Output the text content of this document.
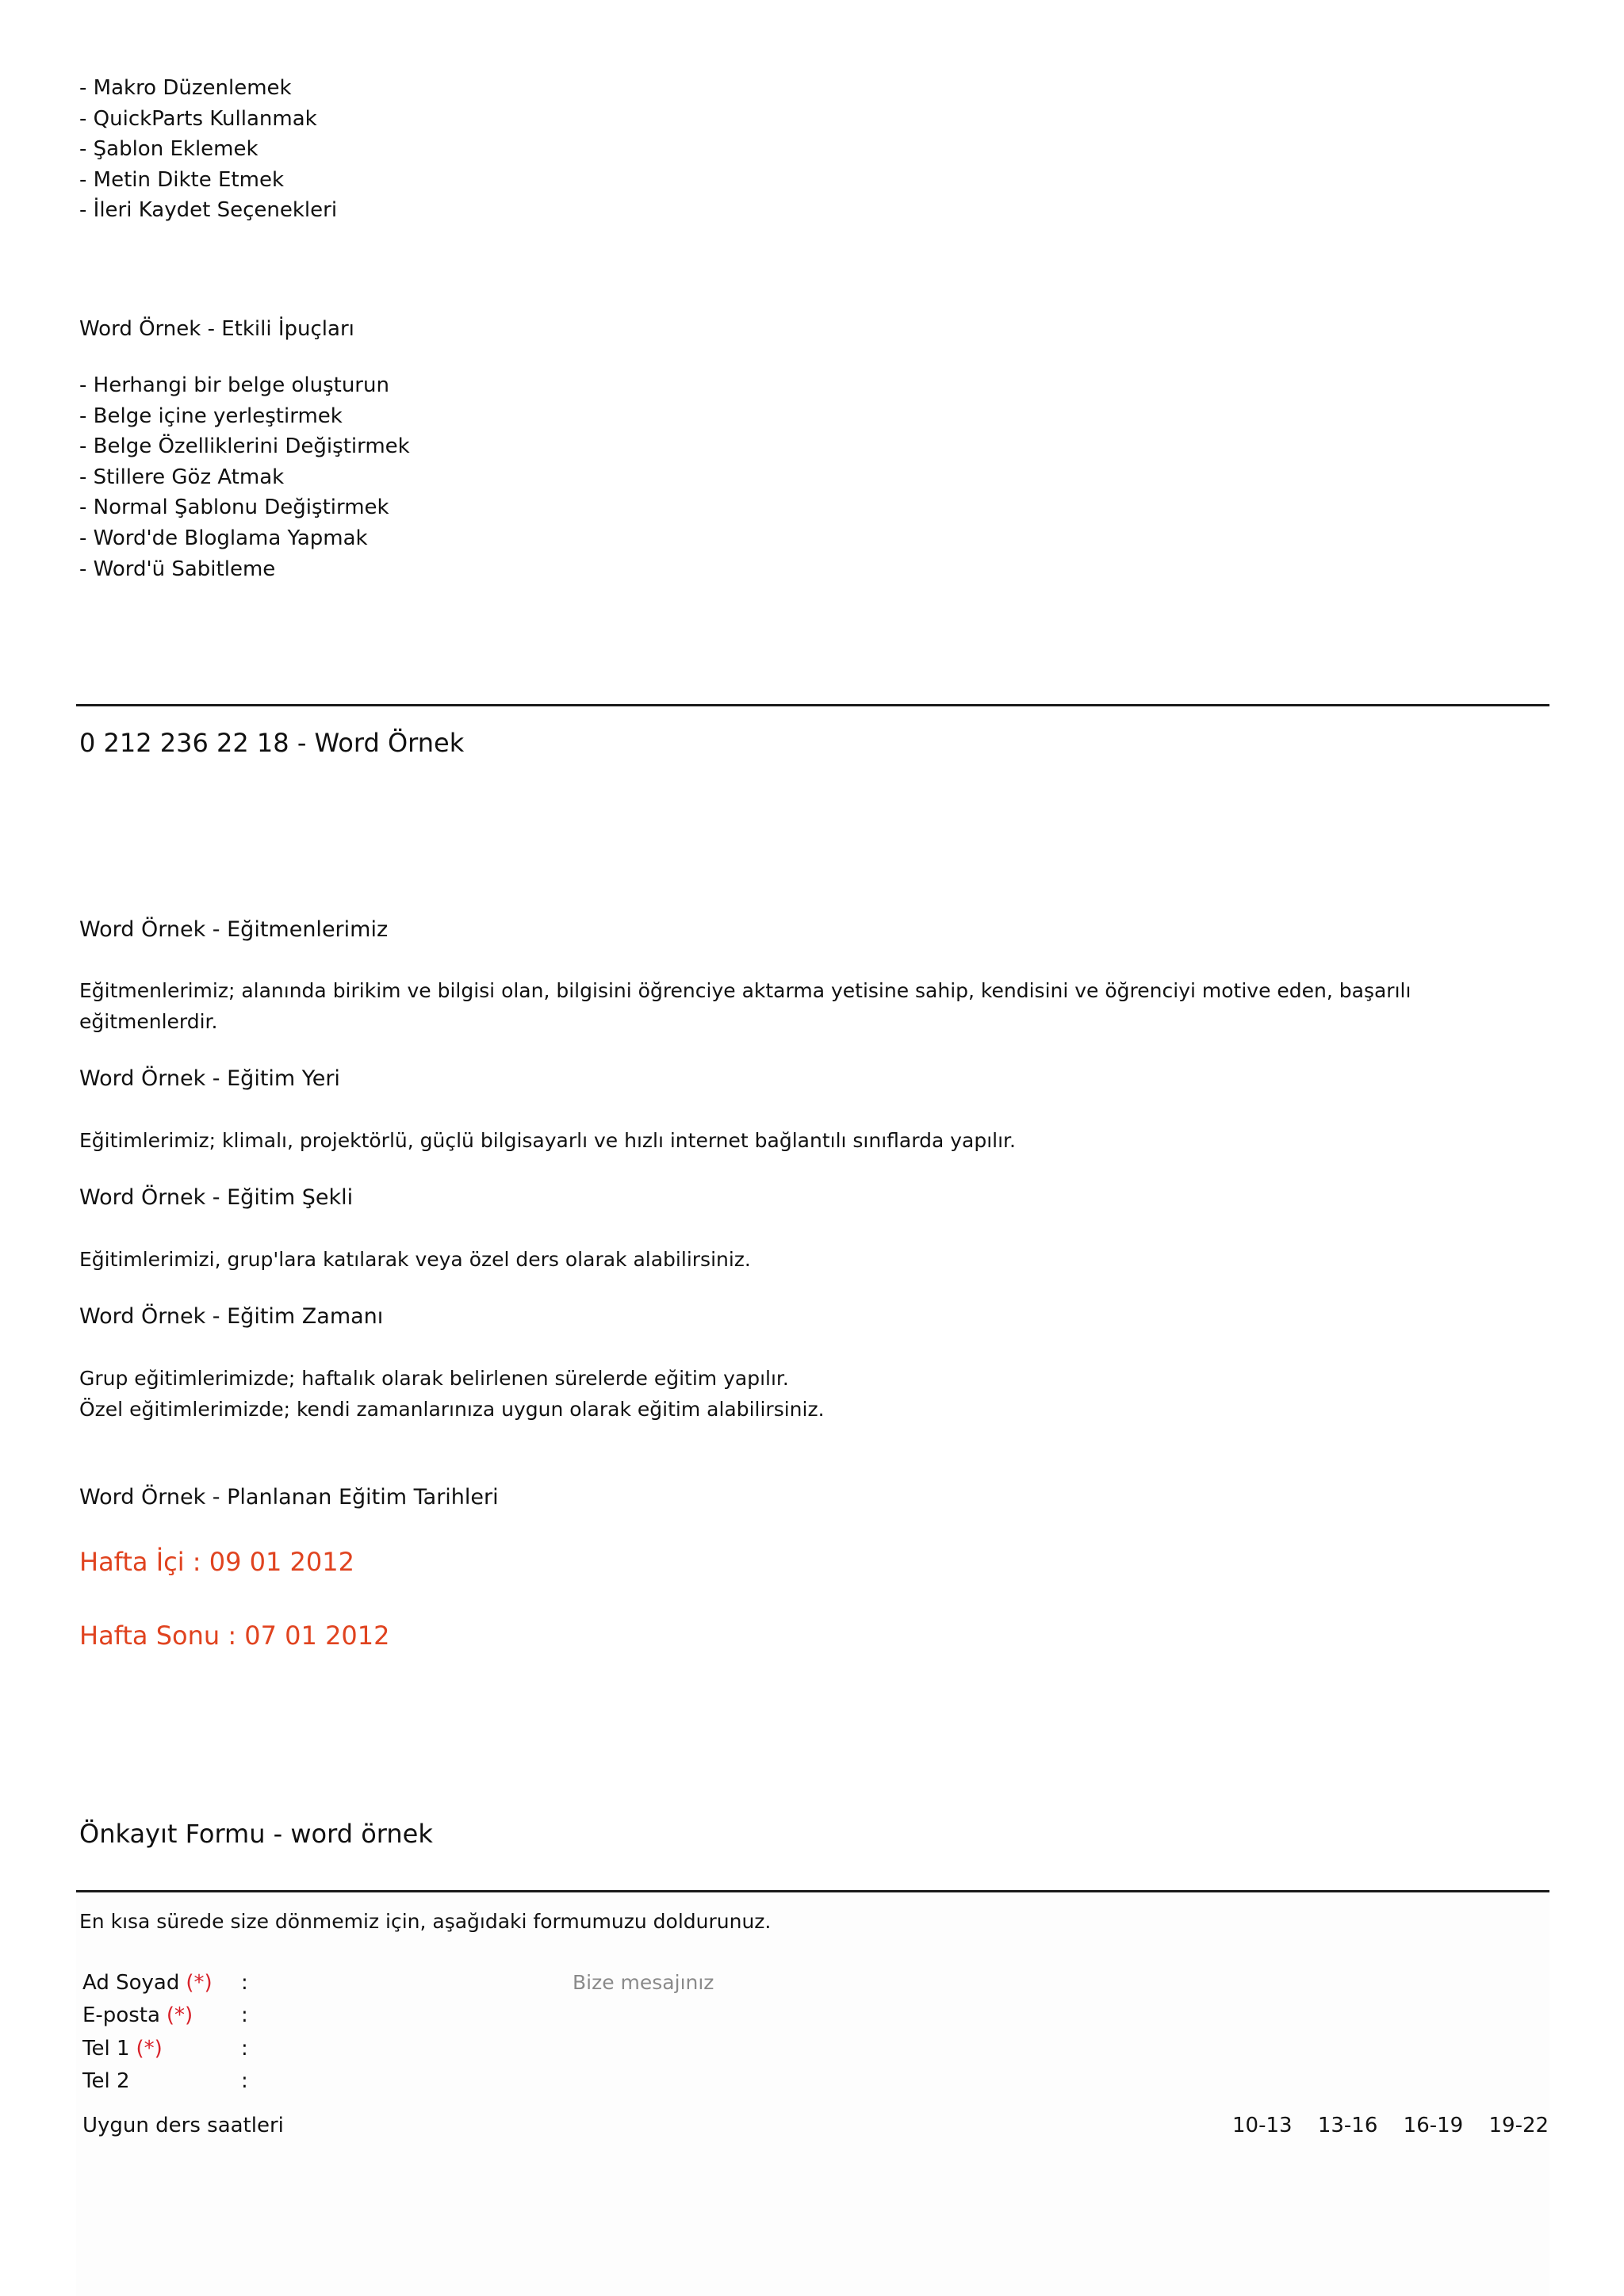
- Makro Düzenlemek
- QuickParts Kullanmak
- Şablon Eklemek
- Metin Dikte Etmek
- İleri Kaydet Seçenekleri
Word Örnek - Etkili İpuçları
- Herhangi bir belge oluşturun
- Belge içine yerleştirmek
- Belge Özelliklerini Değiştirmek
- Stillere Göz Atmak
- Normal Şablonu Değiştirmek
- Word'de Bloglama Yapmak
- Word'ü Sabitleme
0 212 236 22 18 - Word Örnek
Word Örnek - Eğitmenlerimiz
Eğitmenlerimiz; alanında birikim ve bilgisi olan, bilgisini öğrenciye aktarma yetisine sahip, kendisini ve öğrenciyi motive eden, başarılı eğitmenlerdir.
Word Örnek - Eğitim Yeri
Eğitimlerimiz; klimalı, projektörlü, güçlü bilgisayarlı ve hızlı internet bağlantılı sınıflarda yapılır.
Word Örnek - Eğitim Şekli
Eğitimlerimizi, grup'lara katılarak veya özel ders olarak alabilirsiniz.
Word Örnek - Eğitim Zamanı
Grup eğitimlerimizde; haftalık olarak belirlenen sürelerde eğitim yapılır.
Özel eğitimlerimizde; kendi zamanlarınıza uygun olarak eğitim alabilirsiniz.
Word Örnek - Planlanan Eğitim Tarihleri
Hafta İçi : 09 01 2012
Hafta Sonu : 07 01 2012
Önkayıt Formu - word örnek
En kısa sürede size dönmemiz için, aşağıdaki formumuzu doldurunuz.
Ad Soyad (*) :
E-posta (*) :
Tel 1 (*)	:
Tel 2	:
Bize mesajınız
Uygun ders saatleri	10-13 13-16 16-19 19-22
